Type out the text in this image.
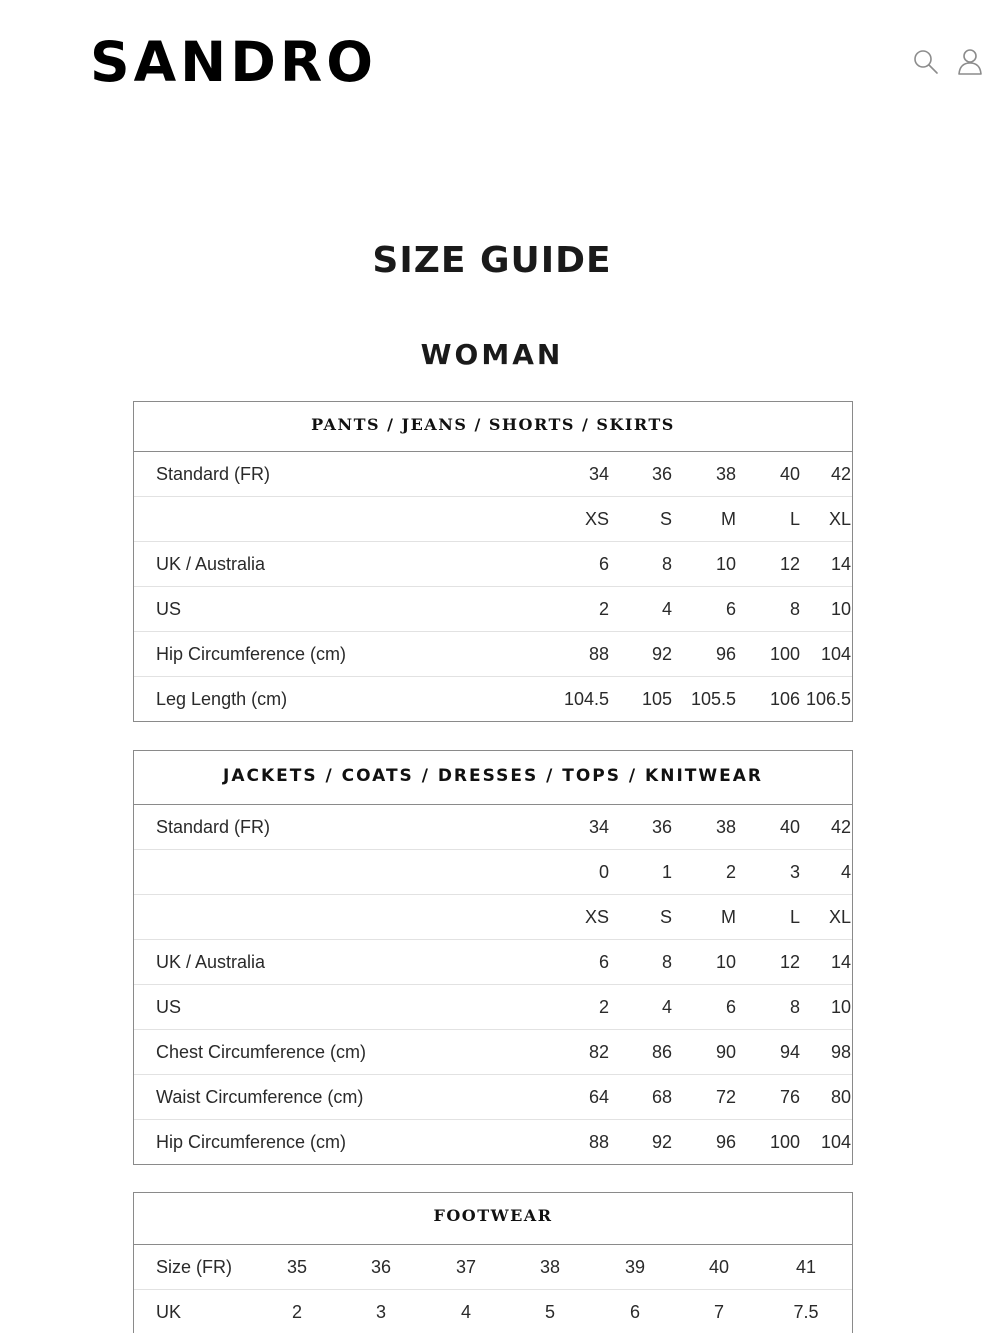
SANDRO
SIZE GUIDE
WOMAN
PANTS / JEANS / SHORTS / SKIRTS
Standard (FR)	34	36	38	40	42
XS	S	M	L	XL
UK / Australia	6	8	10	12	14
US	2	4	6	8	10
Hip Circumference (cm)	88	92	96	100	104
Leg Length (cm)	104.5	105	105.5	106 106.5
JACKETS / COATS / DRESSES / TOPS / KNITWEAR
Standard (FR)	34	36	38	40	42
0	1	2	3	4
XS	S	M	L	XL
UK / Australia	6	8	10	12	14
US	2	4	6	8	10
Chest Circumference (cm)	82	86	90	94	98
Waist Circumference (cm)	64	68	72	76	80
Hip Circumference (cm)	88	92	96	100	104
FOOTWEAR
Size (FR)	35	36	37	38	39	40	41
UK	2	3	4	5	6	7	7.5
